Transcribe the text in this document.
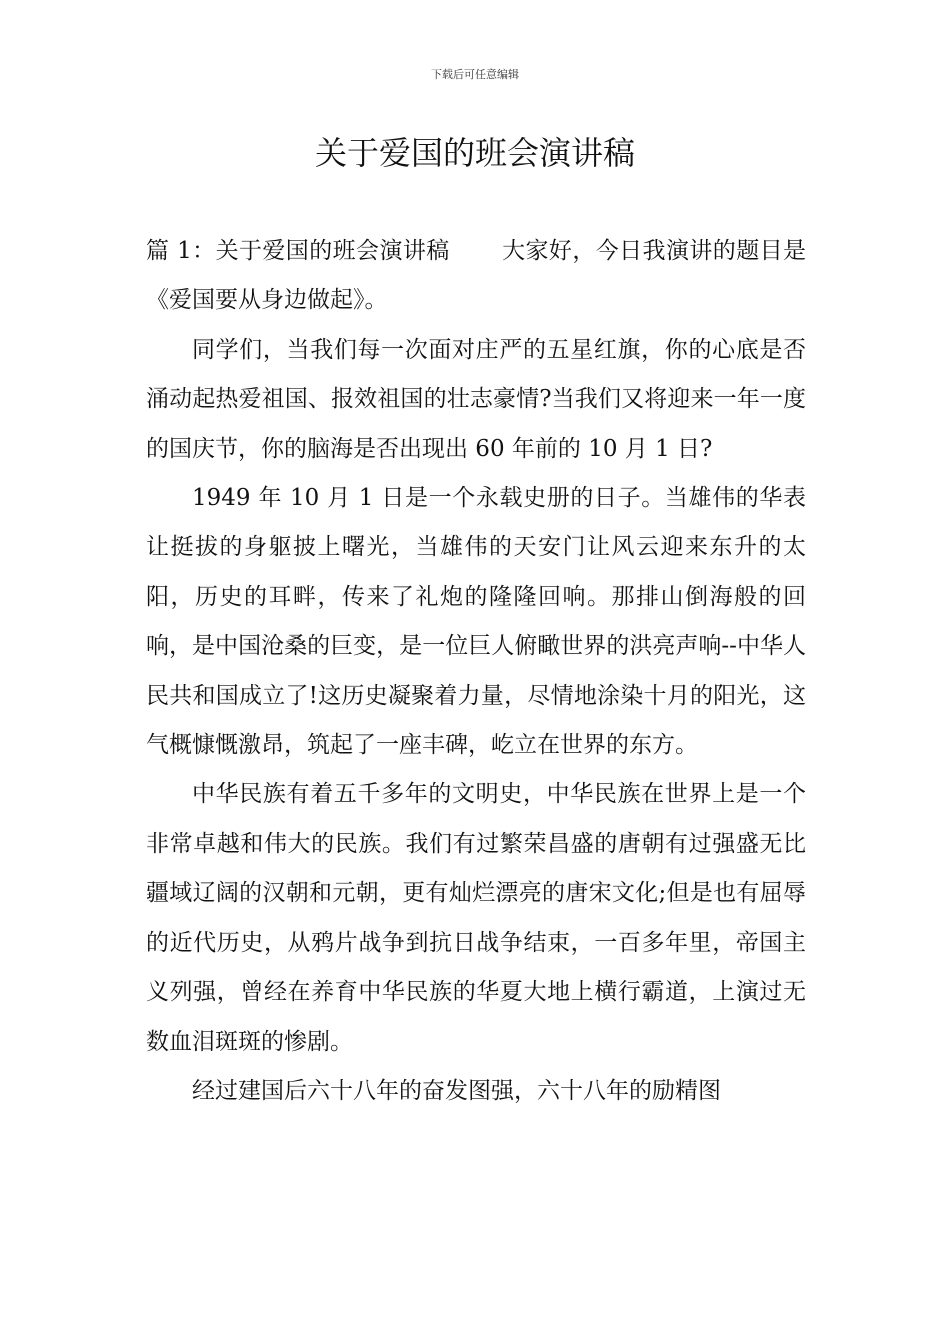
下载后可任意编辑
关于爱国的班会演讲稿

篇 1：关于爱国的班会演讲稿 大家好，今日我演讲的题目是《爱国要从身边做起》。

同学们，当我们每一次面对庄严的五星红旗，你的心底是否涌动起热爱祖国、报效祖国的壮志豪情?当我们又将迎来一年一度的国庆节，你的脑海是否出现出 60 年前的 10 月 1 日?

1949 年 10 月 1 日是一个永载史册的日子。当雄伟的华表让挺拔的身躯披上曙光，当雄伟的天安门让风云迎来东升的太阳，历史的耳畔，传来了礼炮的隆隆回响。那排山倒海般的回响，是中国沧桑的巨变，是一位巨人俯瞰世界的洪亮声响--中华人民共和国成立了!这历史凝聚着力量，尽情地涂染十月的阳光，这气概慷慨激昂，筑起了一座丰碑，屹立在世界的东方。

中华民族有着五千多年的文明史，中华民族在世界上是一个非常卓越和伟大的民族。我们有过繁荣昌盛的唐朝有过强盛无比疆域辽阔的汉朝和元朝，更有灿烂漂亮的唐宋文化;但是也有屈辱的近代历史，从鸦片战争到抗日战争结束，一百多年里，帝国主义列强，曾经在养育中华民族的华夏大地上横行霸道，上演过无数血泪斑斑的惨剧。

经过建国后六十八年的奋发图强，六十八年的励精图
